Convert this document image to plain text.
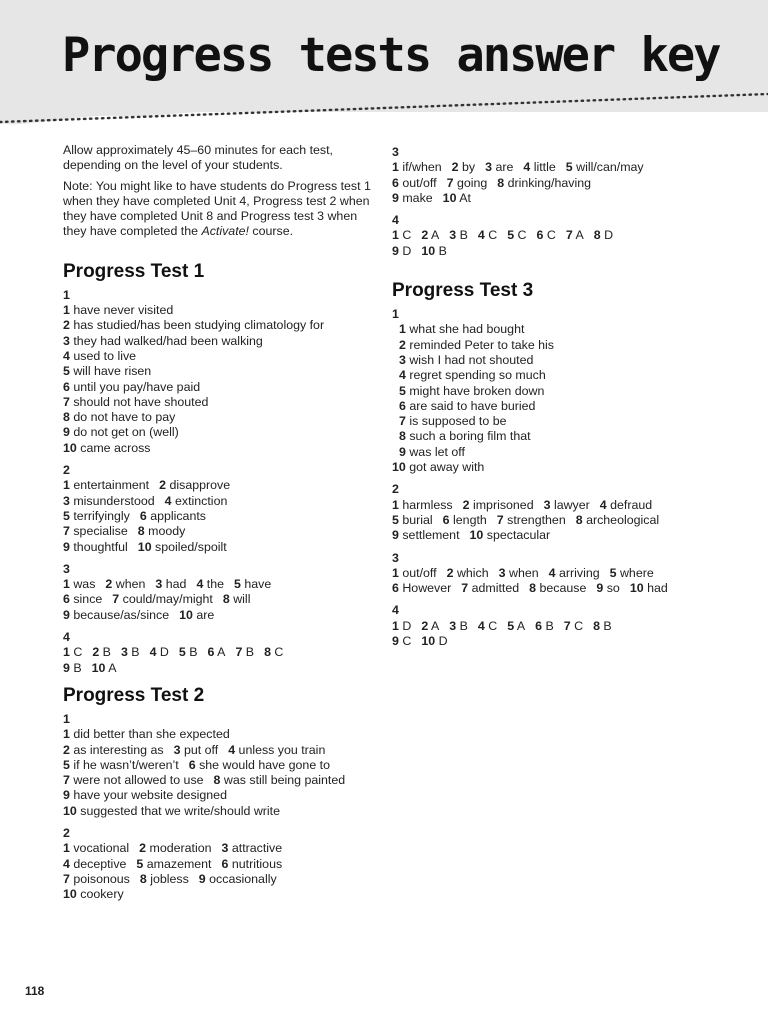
Progress tests answer key

Allow approximately 45–60 minutes for each test, depending on the level of your students.

Note: You might like to have students do Progress test 1 when they have completed Unit 4, Progress test 2 when they have completed Unit 8 and Progress test 3 when they have completed the Activate! course.

Progress Test 1
1
1 have never visited
2 has studied/has been studying climatology for
3 they had walked/had been walking
4 used to live
5 will have risen
6 until you pay/have paid
7 should not have shouted
8 do not have to pay
9 do not get on (well)
10 came across
2
1 entertainment 2 disapprove
3 misunderstood 4 extinction
5 terrifyingly 6 applicants
7 specialise 8 moody
9 thoughtful 10 spoiled/spoilt
3
1 was 2 when 3 had 4 the 5 have
6 since 7 could/may/might 8 will
9 because/as/since 10 are
4
1 C 2 B 3 B 4 D 5 B 6 A 7 B 8 C
9 B 10 A
Progress Test 2
1
1 did better than she expected
2 as interesting as 3 put off 4 unless you train
5 if he wasn’t/weren’t 6 she would have gone to
7 were not allowed to use 8 was still being painted
9 have your website designed
10 suggested that we write/should write
2
1 vocational 2 moderation 3 attractive
4 deceptive 5 amazement 6 nutritious
7 poisonous 8 jobless 9 occasionally
10 cookery
3
1 if/when 2 by 3 are 4 little 5 will/can/may
6 out/off 7 going 8 drinking/having
9 make 10 At
4
1 C 2 A 3 B 4 C 5 C 6 C 7 A 8 D
9 D 10 B
Progress Test 3
1
1 what she had bought
2 reminded Peter to take his
3 wish I had not shouted
4 regret spending so much
5 might have broken down
6 are said to have buried
7 is supposed to be
8 such a boring film that
9 was let off
10 got away with
2
1 harmless 2 imprisoned 3 lawyer 4 defraud
5 burial 6 length 7 strengthen 8 archeological
9 settlement 10 spectacular
3
1 out/off 2 which 3 when 4 arriving 5 where
6 However 7 admitted 8 because 9 so 10 had
4
1 D 2 A 3 B 4 C 5 A 6 B 7 C 8 B
9 C 10 D
118
